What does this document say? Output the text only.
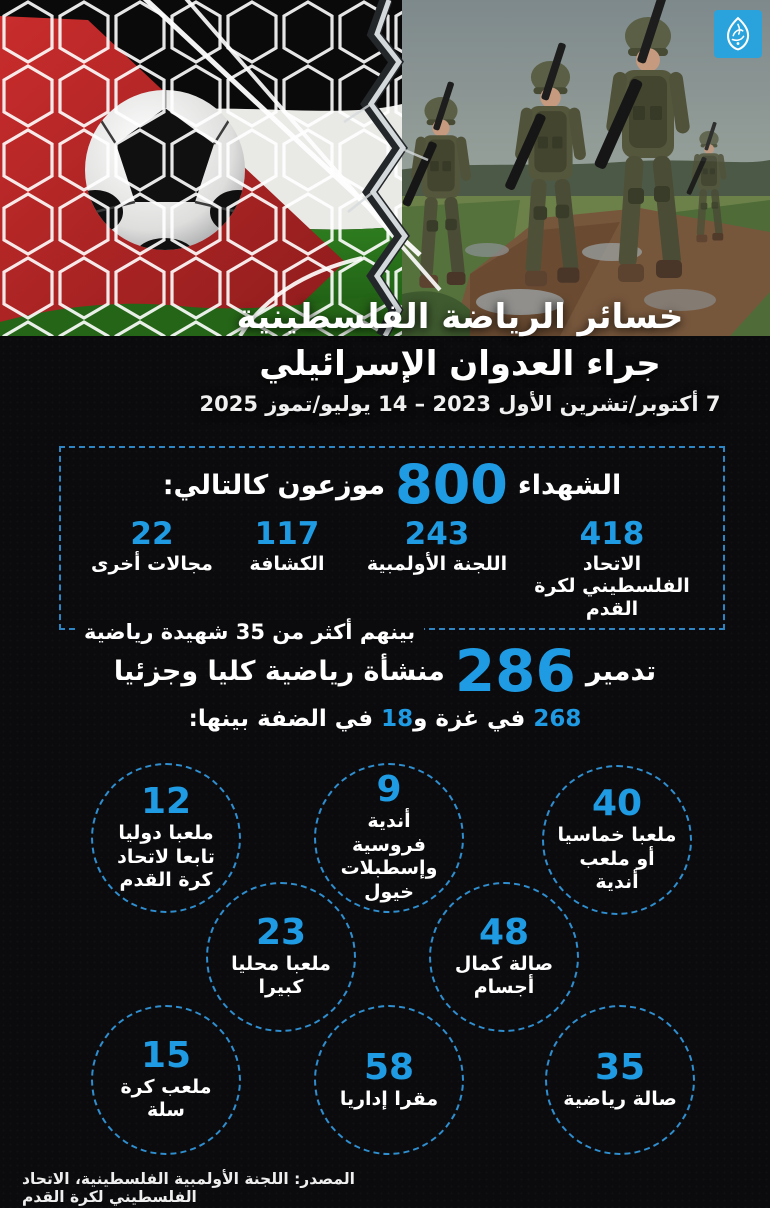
خسائر الرياضة الفلسطينية
جراء العدوان الإسرائيلي
7 أكتوبر/تشرين الأول 2023 – 14 يوليو/تموز 2025
الشهداء
800
موزعون كالتالي:
418
الاتحاد الفلسطيني لكرة القدم
243
اللجنة الأولمبية
117
الكشافة
22
مجالات أخرى
بينهم أكثر من 35 شهيدة رياضية
تدمير
286
منشأة رياضية كليا وجزئيا
268 في غزة و18 في الضفة بينها:
40
ملعبا خماسيا أو ملعب أندية
9
أندية فروسية وإسطبلات خيول
12
ملعبا دوليا تابعا لاتحاد كرة القدم
48
صالة كمال أجسام
23
ملعبا محليا كبيرا
35
صالة رياضية
58
مقرا إداريا
15
ملعب كرة سلة
المصدر: اللجنة الأولمبية الفلسطينية، الاتحاد الفلسطيني لكرة القدم
